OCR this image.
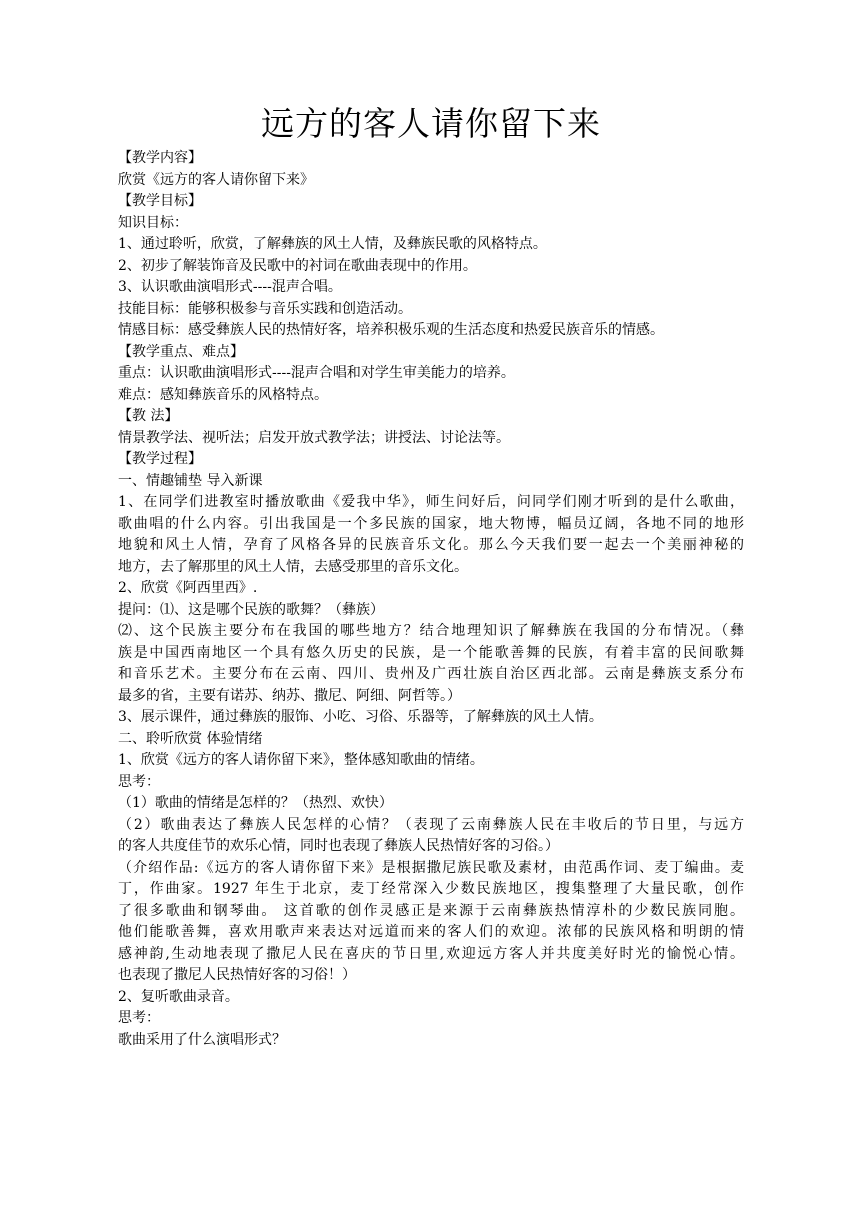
远方的客人请你留下来
【教学内容】
欣赏《远方的客人请你留下来》
【教学目标】
知识目标：
1、通过聆听，欣赏，了解彝族的风土人情，及彝族民歌的风格特点。
2、初步了解装饰音及民歌中的衬词在歌曲表现中的作用。
3、认识歌曲演唱形式----混声合唱。
技能目标：能够积极参与音乐实践和创造活动。
情感目标：感受彝族人民的热情好客，培养积极乐观的生活态度和热爱民族音乐的情感。
【教学重点、难点】
重点：认识歌曲演唱形式----混声合唱和对学生审美能力的培养。
难点：感知彝族音乐的风格特点。
【教 法】
情景教学法、视听法；启发开放式教学法；讲授法、讨论法等。
【教学过程】
一、情趣铺垫 导入新课
1、在同学们进教室时播放歌曲《爱我中华》，师生问好后，问同学们刚才听到的是什么歌曲，
歌曲唱的什么内容。引出我国是一个多民族的国家，地大物博，幅员辽阔，各地不同的地形
地貌和风土人情，孕育了风格各异的民族音乐文化。那么今天我们要一起去一个美丽神秘的
地方，去了解那里的风土人情，去感受那里的音乐文化。
2、欣赏《阿西里西》.
提问：⑴、这是哪个民族的歌舞？（彝族）
⑵、这个民族主要分布在我国的哪些地方？结合地理知识了解彝族在我国的分布情况。（彝
族是中国西南地区一个具有悠久历史的民族，是一个能歌善舞的民族，有着丰富的民间歌舞
和音乐艺术。主要分布在云南、四川、贵州及广西壮族自治区西北部。云南是彝族支系分布
最多的省，主要有诺苏、纳苏、撒尼、阿细、阿哲等。）
3、展示课件，通过彝族的服饰、小吃、习俗、乐器等，了解彝族的风土人情。
二、聆听欣赏 体验情绪
1、欣赏《远方的客人请你留下来》，整体感知歌曲的情绪。
思考：
（1）歌曲的情绪是怎样的？（热烈、欢快）
（2）歌曲表达了彝族人民怎样的心情？（表现了云南彝族人民在丰收后的节日里，与远方
的客人共度佳节的欢乐心情，同时也表现了彝族人民热情好客的习俗。）
（介绍作品:《远方的客人请你留下来》是根据撒尼族民歌及素材，由范禹作词、麦丁编曲。麦
丁，作曲家。1927 年生于北京，麦丁经常深入少数民族地区，搜集整理了大量民歌，创作
了很多歌曲和钢琴曲。 这首歌的创作灵感正是来源于云南彝族热情淳朴的少数民族同胞。
他们能歌善舞，喜欢用歌声来表达对远道而来的客人们的欢迎。浓郁的民族风格和明朗的情
感神韵,生动地表现了撒尼人民在喜庆的节日里,欢迎远方客人并共度美好时光的愉悦心情。
也表现了撒尼人民热情好客的习俗！）
2、复听歌曲录音。
思考：
歌曲采用了什么演唱形式？
